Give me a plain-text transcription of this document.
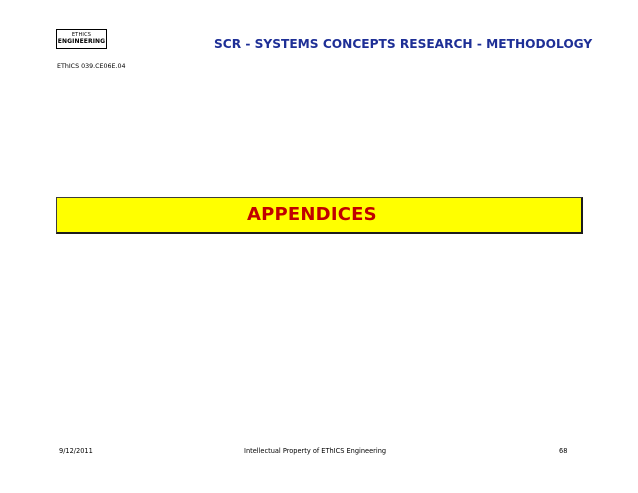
ETHICS
ENGINEERING	SCR - SYSTEMS CONCEPTS RESEARCH - METHODOLOGY
EThICS 039.CE06E.04
APPENDICES
9/12/2011	Intellectual Property of EThICS Engineering	68
